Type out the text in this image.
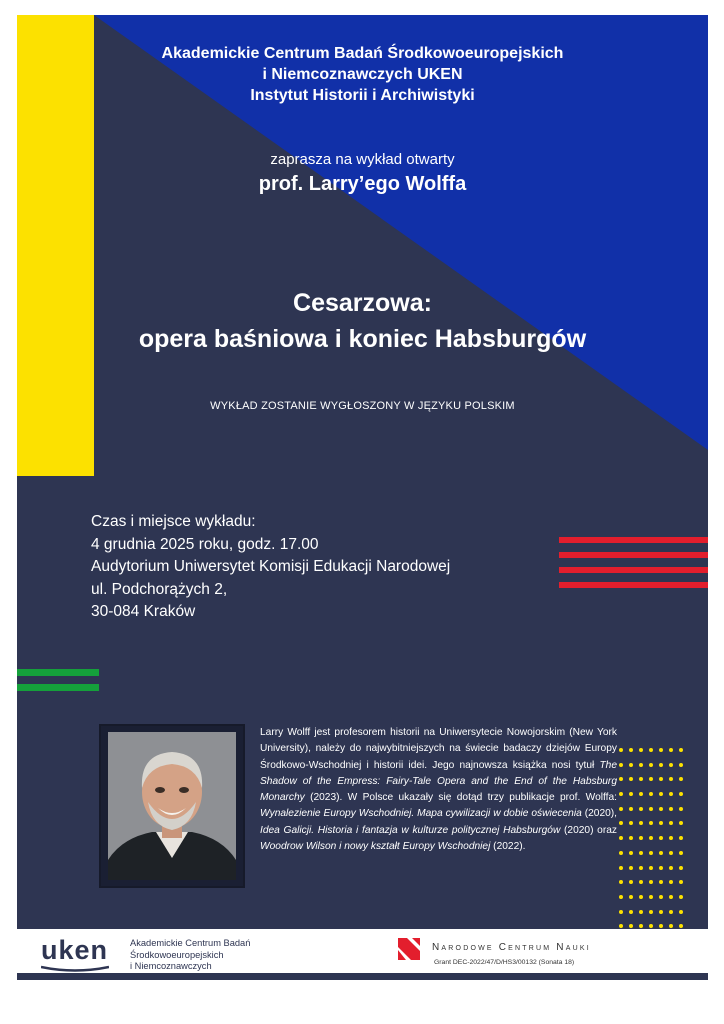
Akademickie Centrum Badań Środkowoeuropejskich
i Niemcoznawczych UKEN
Instytut Historii i Archiwistyki
zaprasza na wykład otwarty
prof. Larry’ego Wolffa
Cesarzowa:
opera baśniowa i koniec Habsburgów
WYKŁAD ZOSTANIE WYGŁOSZONY W JĘZYKU POLSKIM
Czas i miejsce wykładu:
4 grudnia 2025 roku, godz. 17.00
Audytorium Uniwersytet Komisji Edukacji Narodowej
ul. Podchorążych 2,
30-084 Kraków
Larry Wolff jest profesorem historii na Uniwersytecie Nowojorskim (New York University), należy do najwybitniejszych na świecie badaczy dziejów Europy Środkowo-Wschodniej i historii idei. Jego najnowsza książka nosi tytuł The Shadow of the Empress: Fairy-Tale Opera and the End of the Habsburg Monarchy (2023). W Polsce ukazały się dotąd trzy publikacje prof. Wolffa: Wynalezienie Europy Wschodniej. Mapa cywilizacji w dobie oświecenia (2020), Idea Galicji. Historia i fantazja w kulturze politycznej Habsburgów (2020) oraz Woodrow Wilson i nowy kształt Europy Wschodniej (2022).
uken Akademickie Centrum Badań
Środkowoeuropejskich
i Niemcoznawczych
Narodowe Centrum Nauki
Grant DEC-2022/47/D/HS3/00132 (Sonata 18)
